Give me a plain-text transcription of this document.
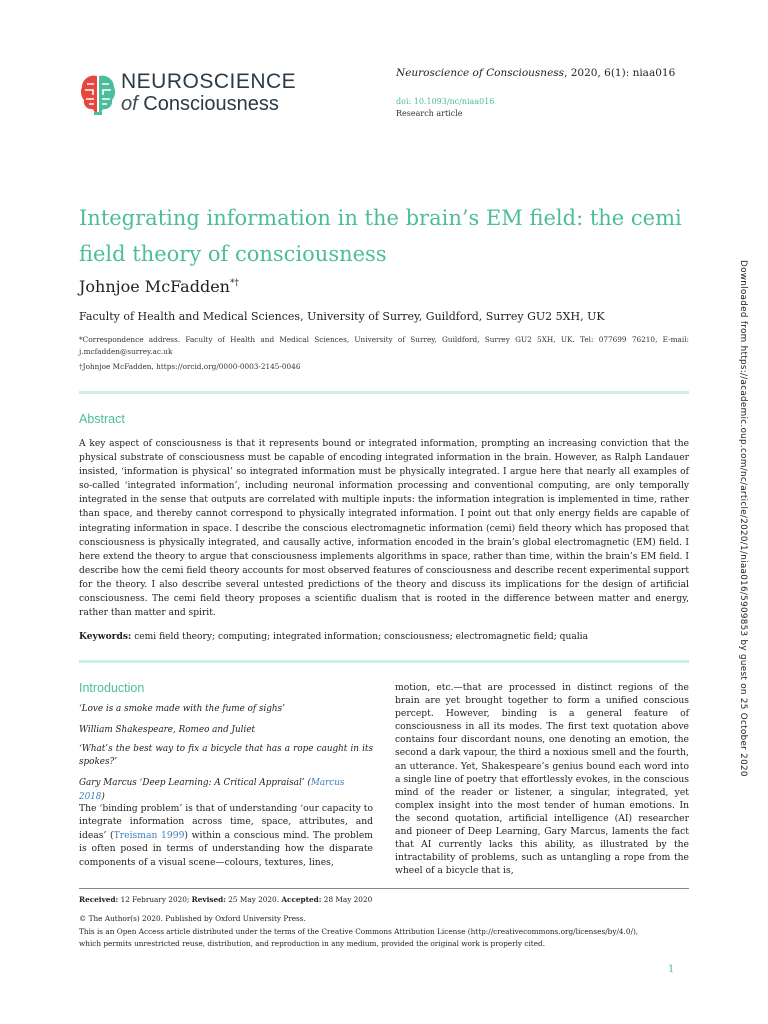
NEUROSCIENCE
of Consciousness
Neuroscience of Consciousness, 2020, 6(1): niaa016
doi: 10.1093/nc/niaa016
Research article
Integrating information in the brain’s EM field: the cemi field theory of consciousness
Johnjoe McFadden*†
Faculty of Health and Medical Sciences, University of Surrey, Guildford, Surrey GU2 5XH, UK
*Correspondence address. Faculty of Health and Medical Sciences, University of Surrey, Guildford, Surrey GU2 5XH, UK. Tel: 077699 76210, E-mail: j.mcfadden@surrey.ac.uk
†Johnjoe McFadden, https://orcid.org/0000-0003-2145-0046
Abstract
A key aspect of consciousness is that it represents bound or integrated information, prompting an increasing conviction that the physical substrate of consciousness must be capable of encoding integrated information in the brain. However, as Ralph Landauer insisted, ‘information is physical’ so integrated information must be physically integrated. I argue here that nearly all examples of so-called ‘integrated information’, including neuronal information processing and conventional computing, are only temporally integrated in the sense that outputs are correlated with multiple inputs: the information integration is implemented in time, rather than space, and thereby cannot correspond to physically integrated information. I point out that only energy fields are capable of integrating information in space. I describe the conscious electromagnetic information (cemi) field theory which has proposed that consciousness is physically integrated, and causally active, information encoded in the brain’s global electromagnetic (EM) field. I here extend the theory to argue that consciousness implements algorithms in space, rather than time, within the brain’s EM field. I describe how the cemi field theory accounts for most observed features of consciousness and describe recent experimental support for the theory. I also describe several untested predictions of the theory and discuss its implications for the design of artificial consciousness. The cemi field theory proposes a scientific dualism that is rooted in the difference between matter and energy, rather than matter and spirit.
Keywords: cemi field theory; computing; integrated information; consciousness; electromagnetic field; qualia
Introduction
‘Love is a smoke made with the fume of sighs’
William Shakespeare, Romeo and Juliet
‘What’s the best way to fix a bicycle that has a rope caught in its spokes?’
Gary Marcus ‘Deep Learning: A Critical Appraisal’ (Marcus 2018)
The ‘binding problem’ is that of understanding ‘our capacity to integrate information across time, space, attributes, and ideas’ (Treisman 1999) within a conscious mind. The problem is often posed in terms of understanding how the disparate components of a visual scene—colours, textures, lines,
motion, etc.—that are processed in distinct regions of the brain are yet brought together to form a unified conscious percept. However, binding is a general feature of consciousness in all its modes. The first text quotation above contains four discordant nouns, one denoting an emotion, the second a dark vapour, the third a noxious smell and the fourth, an utterance. Yet, Shakespeare’s genius bound each word into a single line of poetry that effortlessly evokes, in the conscious mind of the reader or listener, a singular, integrated, yet complex insight into the most tender of human emotions. In the second quotation, artificial intelligence (AI) researcher and pioneer of Deep Learning, Gary Marcus, laments the fact that AI currently lacks this ability, as illustrated by the intractability of problems, such as untangling a rope from the wheel of a bicycle that is,
Received: 12 February 2020; Revised: 25 May 2020. Accepted: 28 May 2020
© The Author(s) 2020. Published by Oxford University Press.
This is an Open Access article distributed under the terms of the Creative Commons Attribution License (http://creativecommons.org/licenses/by/4.0/),
which permits unrestricted reuse, distribution, and reproduction in any medium, provided the original work is properly cited.
1
Downloaded from https://academic.oup.com/nc/article/2020/1/niaa016/5909853 by guest on 25 October 2020
